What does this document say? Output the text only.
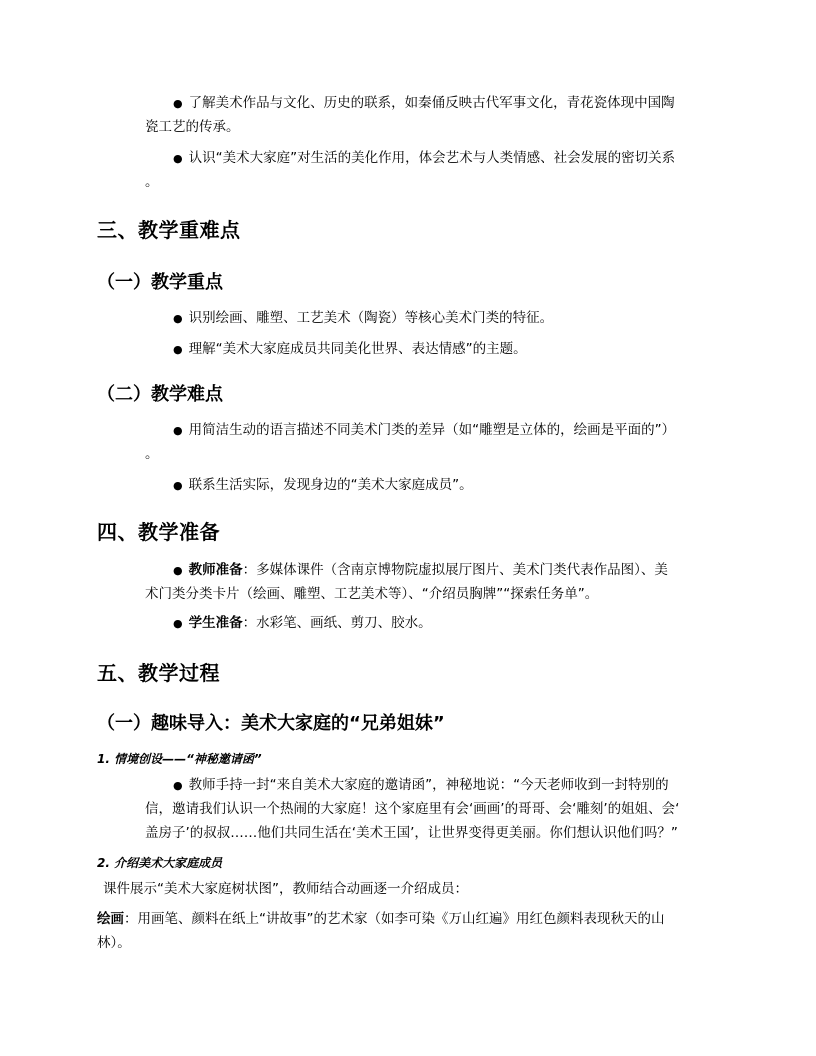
● 了解美术作品与文化、历史的联系，如秦俑反映古代军事文化，青花瓷体现中国陶

瓷工艺的传承。

● 认识“美术大家庭”对生活的美化作用，体会艺术与人类情感、社会发展的密切关系

。

三、教学重难点
（一）教学重点

● 识别绘画、雕塑、工艺美术（陶瓷）等核心美术门类的特征。

● 理解“美术大家庭成员共同美化世界、表达情感”的主题。

（二）教学难点

● 用简洁生动的语言描述不同美术门类的差异（如“雕塑是立体的，绘画是平面的”）

。

● 联系生活实际，发现身边的“美术大家庭成员”。

四、教学准备

● 教师准备：多媒体课件（含南京博物院虚拟展厅图片、美术门类代表作品图）、美

术门类分类卡片（绘画、雕塑、工艺美术等）、“介绍员胸牌”“探索任务单”。

● 学生准备：水彩笔、画纸、剪刀、胶水。

五、教学过程
（一）趣味导入：美术大家庭的“兄弟姐妹”
1. 情境创设——“神秘邀请函”

● 教师手持一封“来自美术大家庭的邀请函”，神秘地说：“今天老师收到一封特别的

信，邀请我们认识一个热闹的大家庭！这个家庭里有会‘画画’的哥哥、会‘雕刻’的姐姐、会‘

盖房子’的叔叔……他们共同生活在‘美术王国’，让世界变得更美丽。你们想认识他们吗？”

2. 介绍美术大家庭成员

课件展示“美术大家庭树状图”，教师结合动画逐一介绍成员：

绘画：用画笔、颜料在纸上“讲故事”的艺术家（如李可染《万山红遍》用红色颜料表现秋天的山

林）。
